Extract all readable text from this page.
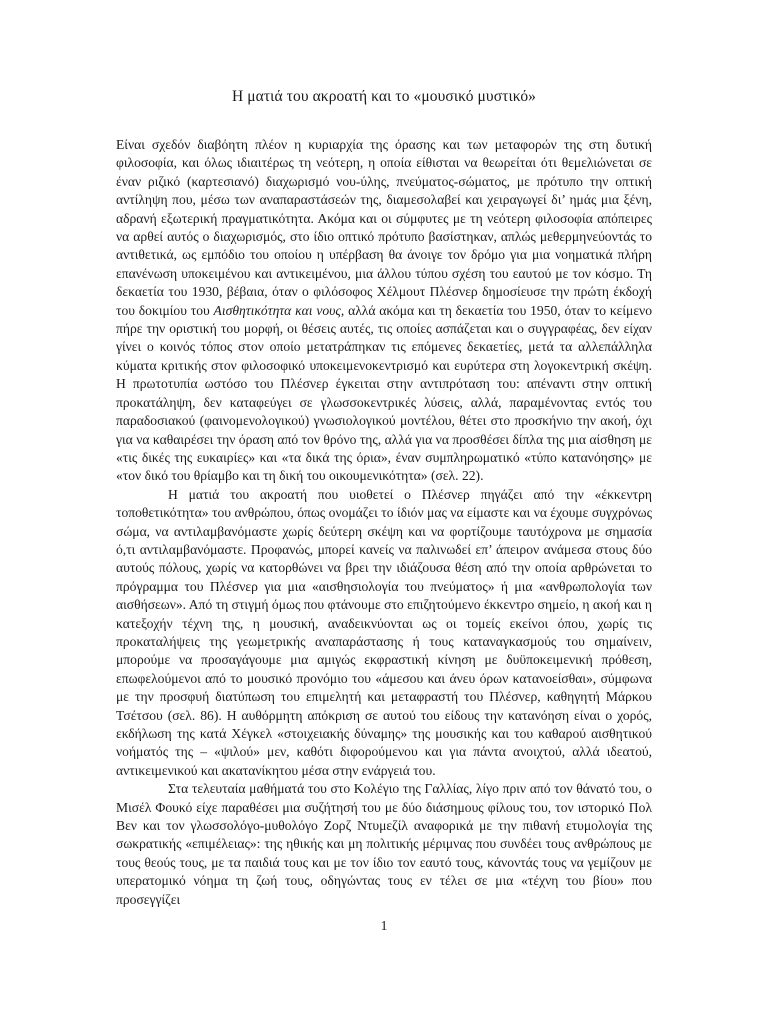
Η ματιά του ακροατή και το «μουσικό μυστικό»

Είναι σχεδόν διαβόητη πλέον η κυριαρχία της όρασης και των μεταφορών της στη δυτική φιλοσοφία, και όλως ιδιαιτέρως τη νεότερη, η οποία είθισται να θεωρείται ότι θεμελιώνεται σε έναν ριζικό (καρτεσιανό) διαχωρισμό νου-ύλης, πνεύματος-σώματος, με πρότυπο την οπτική αντίληψη που, μέσω των αναπαραστάσεών της, διαμεσολαβεί και χειραγωγεί δι’ ημάς μια ξένη, αδρανή εξωτερική πραγματικότητα. Ακόμα και οι σύμφυτες με τη νεότερη φιλοσοφία απόπειρες να αρθεί αυτός ο διαχωρισμός, στο ίδιο οπτικό πρότυπο βασίστηκαν, απλώς μεθερμηνεύοντάς το αντιθετικά, ως εμπόδιο του οποίου η υπέρβαση θα άνοιγε τον δρόμο για μια νοηματικά πλήρη επανένωση υποκειμένου και αντικειμένου, μια άλλου τύπου σχέση του εαυτού με τον κόσμο. Τη δεκαετία του 1930, βέβαια, όταν ο φιλόσοφος Χέλμουτ Πλέσνερ δημοσίευσε την πρώτη έκδοχή του δοκιμίου του Αισθητικότητα και νους, αλλά ακόμα και τη δεκαετία του 1950, όταν το κείμενο πήρε την οριστική του μορφή, οι θέσεις αυτές, τις οποίες ασπάζεται και ο συγγραφέας, δεν είχαν γίνει ο κοινός τόπος στον οποίο μετατράπηκαν τις επόμενες δεκαετίες, μετά τα αλλεπάλληλα κύματα κριτικής στον φιλοσοφικό υποκειμενοκεντρισμό και ευρύτερα στη λογοκεντρική σκέψη. Η πρωτοτυπία ωστόσο του Πλέσνερ έγκειται στην αντιπρόταση του: απέναντι στην οπτική προκατάληψη, δεν καταφεύγει σε γλωσσοκεντρικές λύσεις, αλλά, παραμένοντας εντός του παραδοσιακού (φαινομενολογικού) γνωσιολογικού μοντέλου, θέτει στο προσκήνιο την ακοή, όχι για να καθαιρέσει την όραση από τον θρόνο της, αλλά για να προσθέσει δίπλα της μια αίσθηση με «τις δικές της ευκαιρίες» και «τα δικά της όρια», έναν συμπληρωματικό «τύπο κατανόησης» με «τον δικό του θρίαμβο και τη δική του οικουμενικότητα» (σελ. 22).

Η ματιά του ακροατή που υιοθετεί ο Πλέσνερ πηγάζει από την «έκκεντρη τοποθετικότητα» του ανθρώπου, όπως ονομάζει το ίδιόν μας να είμαστε και να έχουμε συγχρόνως σώμα, να αντιλαμβανόμαστε χωρίς δεύτερη σκέψη και να φορτίζουμε ταυτόχρονα με σημασία ό,τι αντιλαμβανόμαστε. Προφανώς, μπορεί κανείς να παλινωδεί επ’ άπειρον ανάμεσα στους δύο αυτούς πόλους, χωρίς να κατορθώνει να βρει την ιδιάζουσα θέση από την οποία αρθρώνεται το πρόγραμμα του Πλέσνερ για μια «αισθησιολογία του πνεύματος» ή μια «ανθρωπολογία των αισθήσεων». Από τη στιγμή όμως που φτάνουμε στο επιζητούμενο έκκεντρο σημείο, η ακοή και η κατεξοχήν τέχνη της, η μουσική, αναδεικνύονται ως οι τομείς εκείνοι όπου, χωρίς τις προκαταλήψεις της γεωμετρικής αναπαράστασης ή τους καταναγκασμούς του σημαίνειν, μπορούμε να προσαγάγουμε μια αμιγώς εκφραστική κίνηση με δυϋποκειμενική πρόθεση, επωφελούμενοι από το μουσικό προνόμιο του «άμεσου και άνευ όρων κατανοείσθαι», σύμφωνα με την προσφυή διατύπωση του επιμελητή και μεταφραστή του Πλέσνερ, καθηγητή Μάρκου Τσέτσου (σελ. 86). Η αυθόρμητη απόκριση σε αυτού του είδους την κατανόηση είναι ο χορός, εκδήλωση της κατά Χέγκελ «στοιχειακής δύναμης» της μουσικής και του καθαρού αισθητικού νοήματός της – «ψιλού» μεν, καθότι διφορούμενου και για πάντα ανοιχτού, αλλά ιδεατού, αντικειμενικού και ακατανίκητου μέσα στην ενάργειά του.

Στα τελευταία μαθήματά του στο Κολέγιο της Γαλλίας, λίγο πριν από τον θάνατό του, ο Μισέλ Φουκό είχε παραθέσει μια συζήτησή του με δύο διάσημους φίλους του, τον ιστορικό Πολ Βεν και τον γλωσσολόγο-μυθολόγο Ζορζ Ντυμεζίλ αναφορικά με την πιθανή ετυμολογία της σωκρατικής «επιμέλειας»: της ηθικής και μη πολιτικής μέριμνας που συνδέει τους ανθρώπους με τους θεούς τους, με τα παιδιά τους και με τον ίδιο τον εαυτό τους, κάνοντάς τους να γεμίζουν με υπερατομικό νόημα τη ζωή τους, οδηγώντας τους εν τέλει σε μια «τέχνη του βίου» που προσεγγίζει

1
